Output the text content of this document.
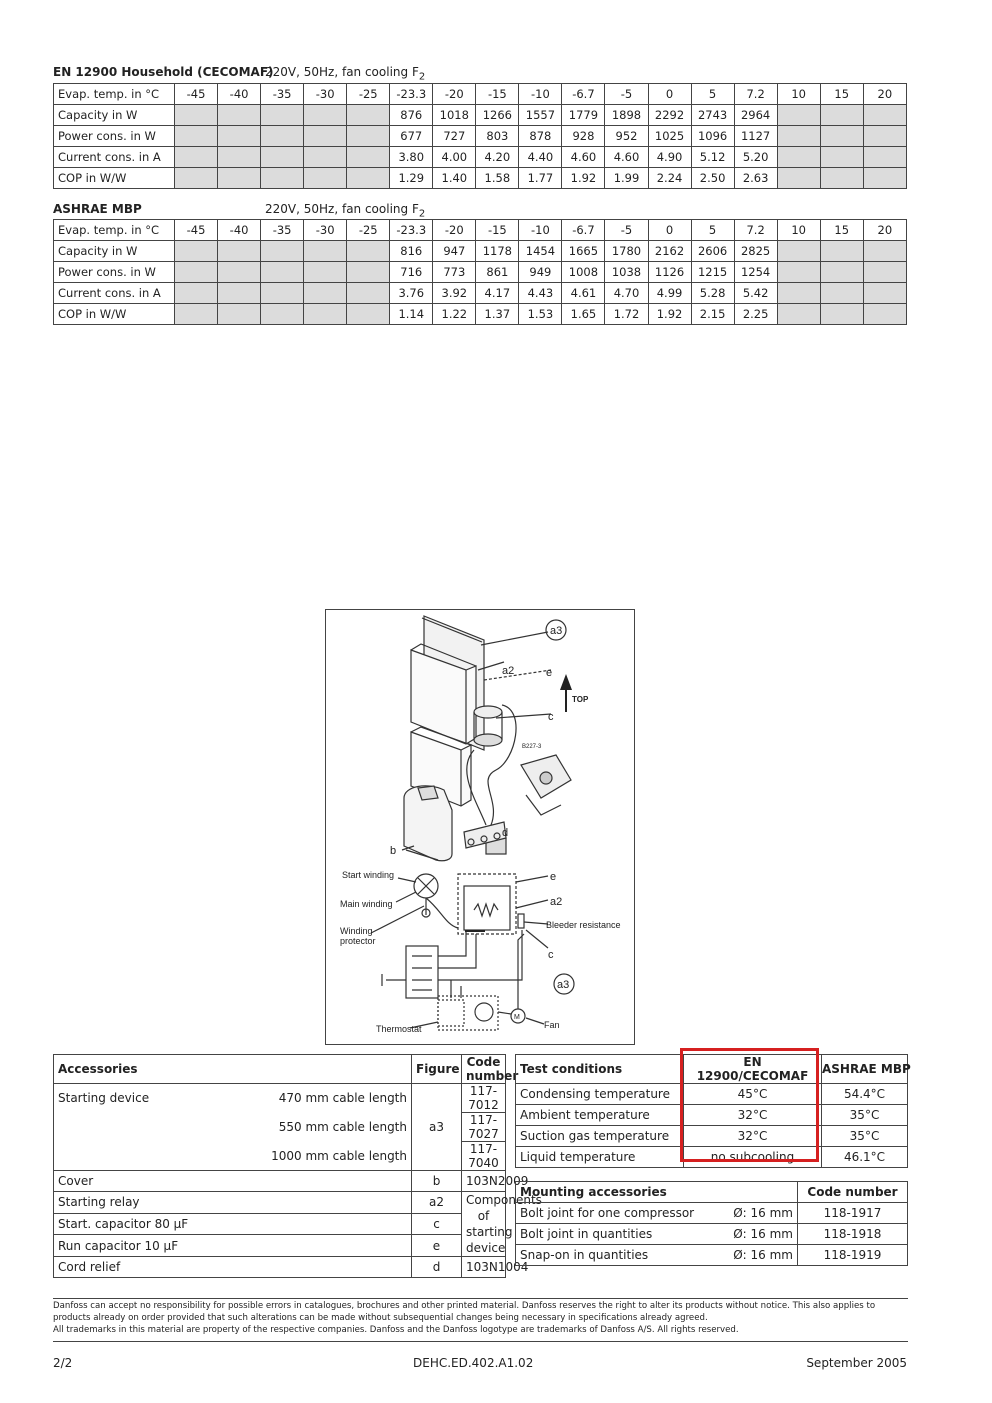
EN 12900 Household (CECOMAF)
220V, 50Hz, fan cooling $F_2$
Evap. temp. in °C	-45	-40	-35	-30	-25	-23.3	-20	-15	-10	-6.7	-5	0	5	7.2	10	15	20
Capacity in W						876	1018	1266	1557	1779	1898	2292	2743	2964			
Power cons. in W						677	727	803	878	928	952	1025	1096	1127			
Current cons. in A						3.80	4.00	4.20	4.40	4.60	4.60	4.90	5.12	5.20			
COP in W/W						1.29	1.40	1.58	1.77	1.92	1.99	2.24	2.50	2.63			
ASHRAE MBP	220V, 50Hz, fan cooling $F_2$
Evap. temp. in °C	-45	-40	-35	-30	-25	-23.3	-20	-15	-10	-6.7	-5	0	5	7.2	10	15	20
Capacity in W						816	947	1178	1454	1665	1780	2162	2606	2825			
Power cons. in W						716	773	861	949	1008	1038	1126	1215	1254			
Current cons. in A						3.76	3.92	4.17	4.43	4.61	4.70	4.99	5.28	5.42			
COP in W/W						1.14	1.22	1.37	1.53	1.65	1.72	1.92	2.15	2.25			
a3
a2	e
TOP
c
B227-3
d
b
Start winding
Main winding
Winding
protector
e
a2
Bleeder resistance
c
a3
Thermostat	Fan
M
Accessories		Figure	Code number
Starting device	470 mm cable length		117-7012
	550 mm cable length	a3	117-7027
	1000 mm cable length		117-7040
Cover		b	103N2009
Starting relay		a2	Components of starting device
Start. capacitor 80 µF		c	
Run capacitor 10 µF		e	
Cord relief		d	103N1004
Test conditions	EN 12900/CECOMAF	ASHRAE MBP
Condensing temperature	45°C	54.4°C
Ambient temperature	32°C	35°C
Suction gas temperature	32°C	35°C
Liquid temperature	no subcooling	46.1°C
Mounting accessories		Code number
Bolt joint for one compressor	Ø: 16 mm	118-1917
Bolt joint in quantities	Ø: 16 mm	118-1918
Snap-on in quantities	Ø: 16 mm	118-1919
Danfoss can accept no responsibility for possible errors in catalogues, brochures and other printed material. Danfoss reserves the right to alter its products without notice. This also applies to products already on order provided that such alterations can be made without subsequential changes being necessary in specifications already agreed.
All trademarks in this material are property of the respective companies. Danfoss and the Danfoss logotype are trademarks of Danfoss A/S. All rights reserved.
2/2	DEHC.ED.402.A1.02	September 2005
